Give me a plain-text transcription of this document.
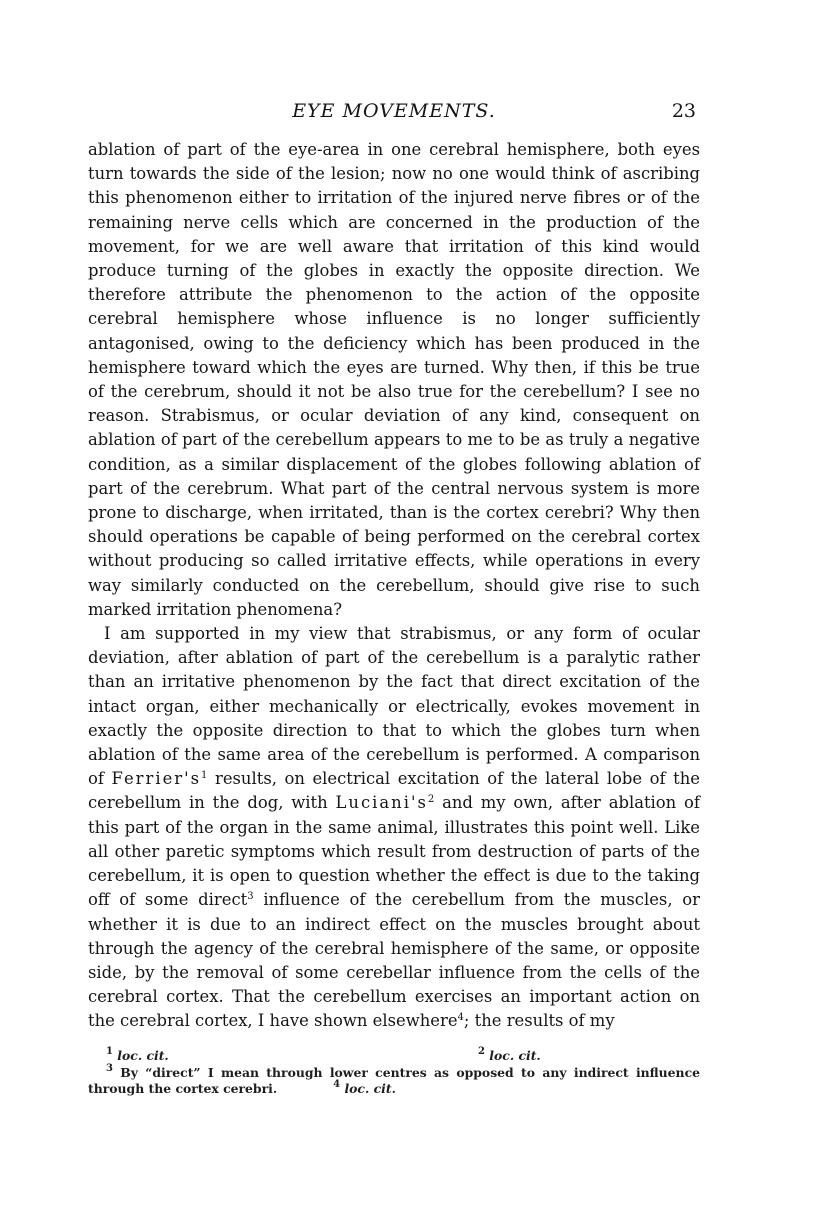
EYE MOVEMENTS.	23

ablation of part of the eye-area in one cerebral hemisphere, both eyes turn towards the side of the lesion; now no one would think of ascribing this phenomenon either to irritation of the injured nerve fibres or of the remaining nerve cells which are concerned in the production of the movement, for we are well aware that irritation of this kind would produce turning of the globes in exactly the opposite direction. We therefore attribute the phenomenon to the action of the opposite cerebral hemisphere whose influence is no longer sufficiently antagonised, owing to the deficiency which has been produced in the hemisphere toward which the eyes are turned. Why then, if this be true of the cerebrum, should it not be also true for the cerebellum? I see no reason. Strabismus, or ocular deviation of any kind, consequent on ablation of part of the cerebellum appears to me to be as truly a negative condition, as a similar displacement of the globes following ablation of part of the cerebrum. What part of the central nervous system is more prone to discharge, when irritated, than is the cortex cerebri? Why then should operations be capable of being performed on the cerebral cortex without producing so called irritative effects, while operations in every way similarly conducted on the cerebellum, should give rise to such marked irritation phenomena?

I am supported in my view that strabismus, or any form of ocular deviation, after ablation of part of the cerebellum is a paralytic rather than an irritative phenomenon by the fact that direct excitation of the intact organ, either mechanically or electrically, evokes movement in exactly the opposite direction to that to which the globes turn when ablation of the same area of the cerebellum is performed. A comparison of $Ferrier's^1$ results, on electrical excitation of the lateral lobe of the cerebellum in the dog, with $Luciani's^2$ and my own, after ablation of this part of the organ in the same animal, illustrates this point well. Like all other paretic symptoms which result from destruction of parts of the cerebellum, it is open to question whether the effect is due to the taking off of some direct$^3$ influence of the cerebellum from the muscles, or whether it is due to an indirect effect on the muscles brought about through the agency of the cerebral hemisphere of the same, or opposite side, by the removal of some cerebellar influence from the cells of the cerebral cortex. That the cerebellum exercises an important action on the cerebral cortex, I have shown elsewhere$^4$; the results of my

$^1$ loc. cit.	$^2$ loc. cit.
$^3$ By “direct” I mean through lower centres as opposed to any indirect influence through the cortex cerebri.	$^4$ loc. cit.
